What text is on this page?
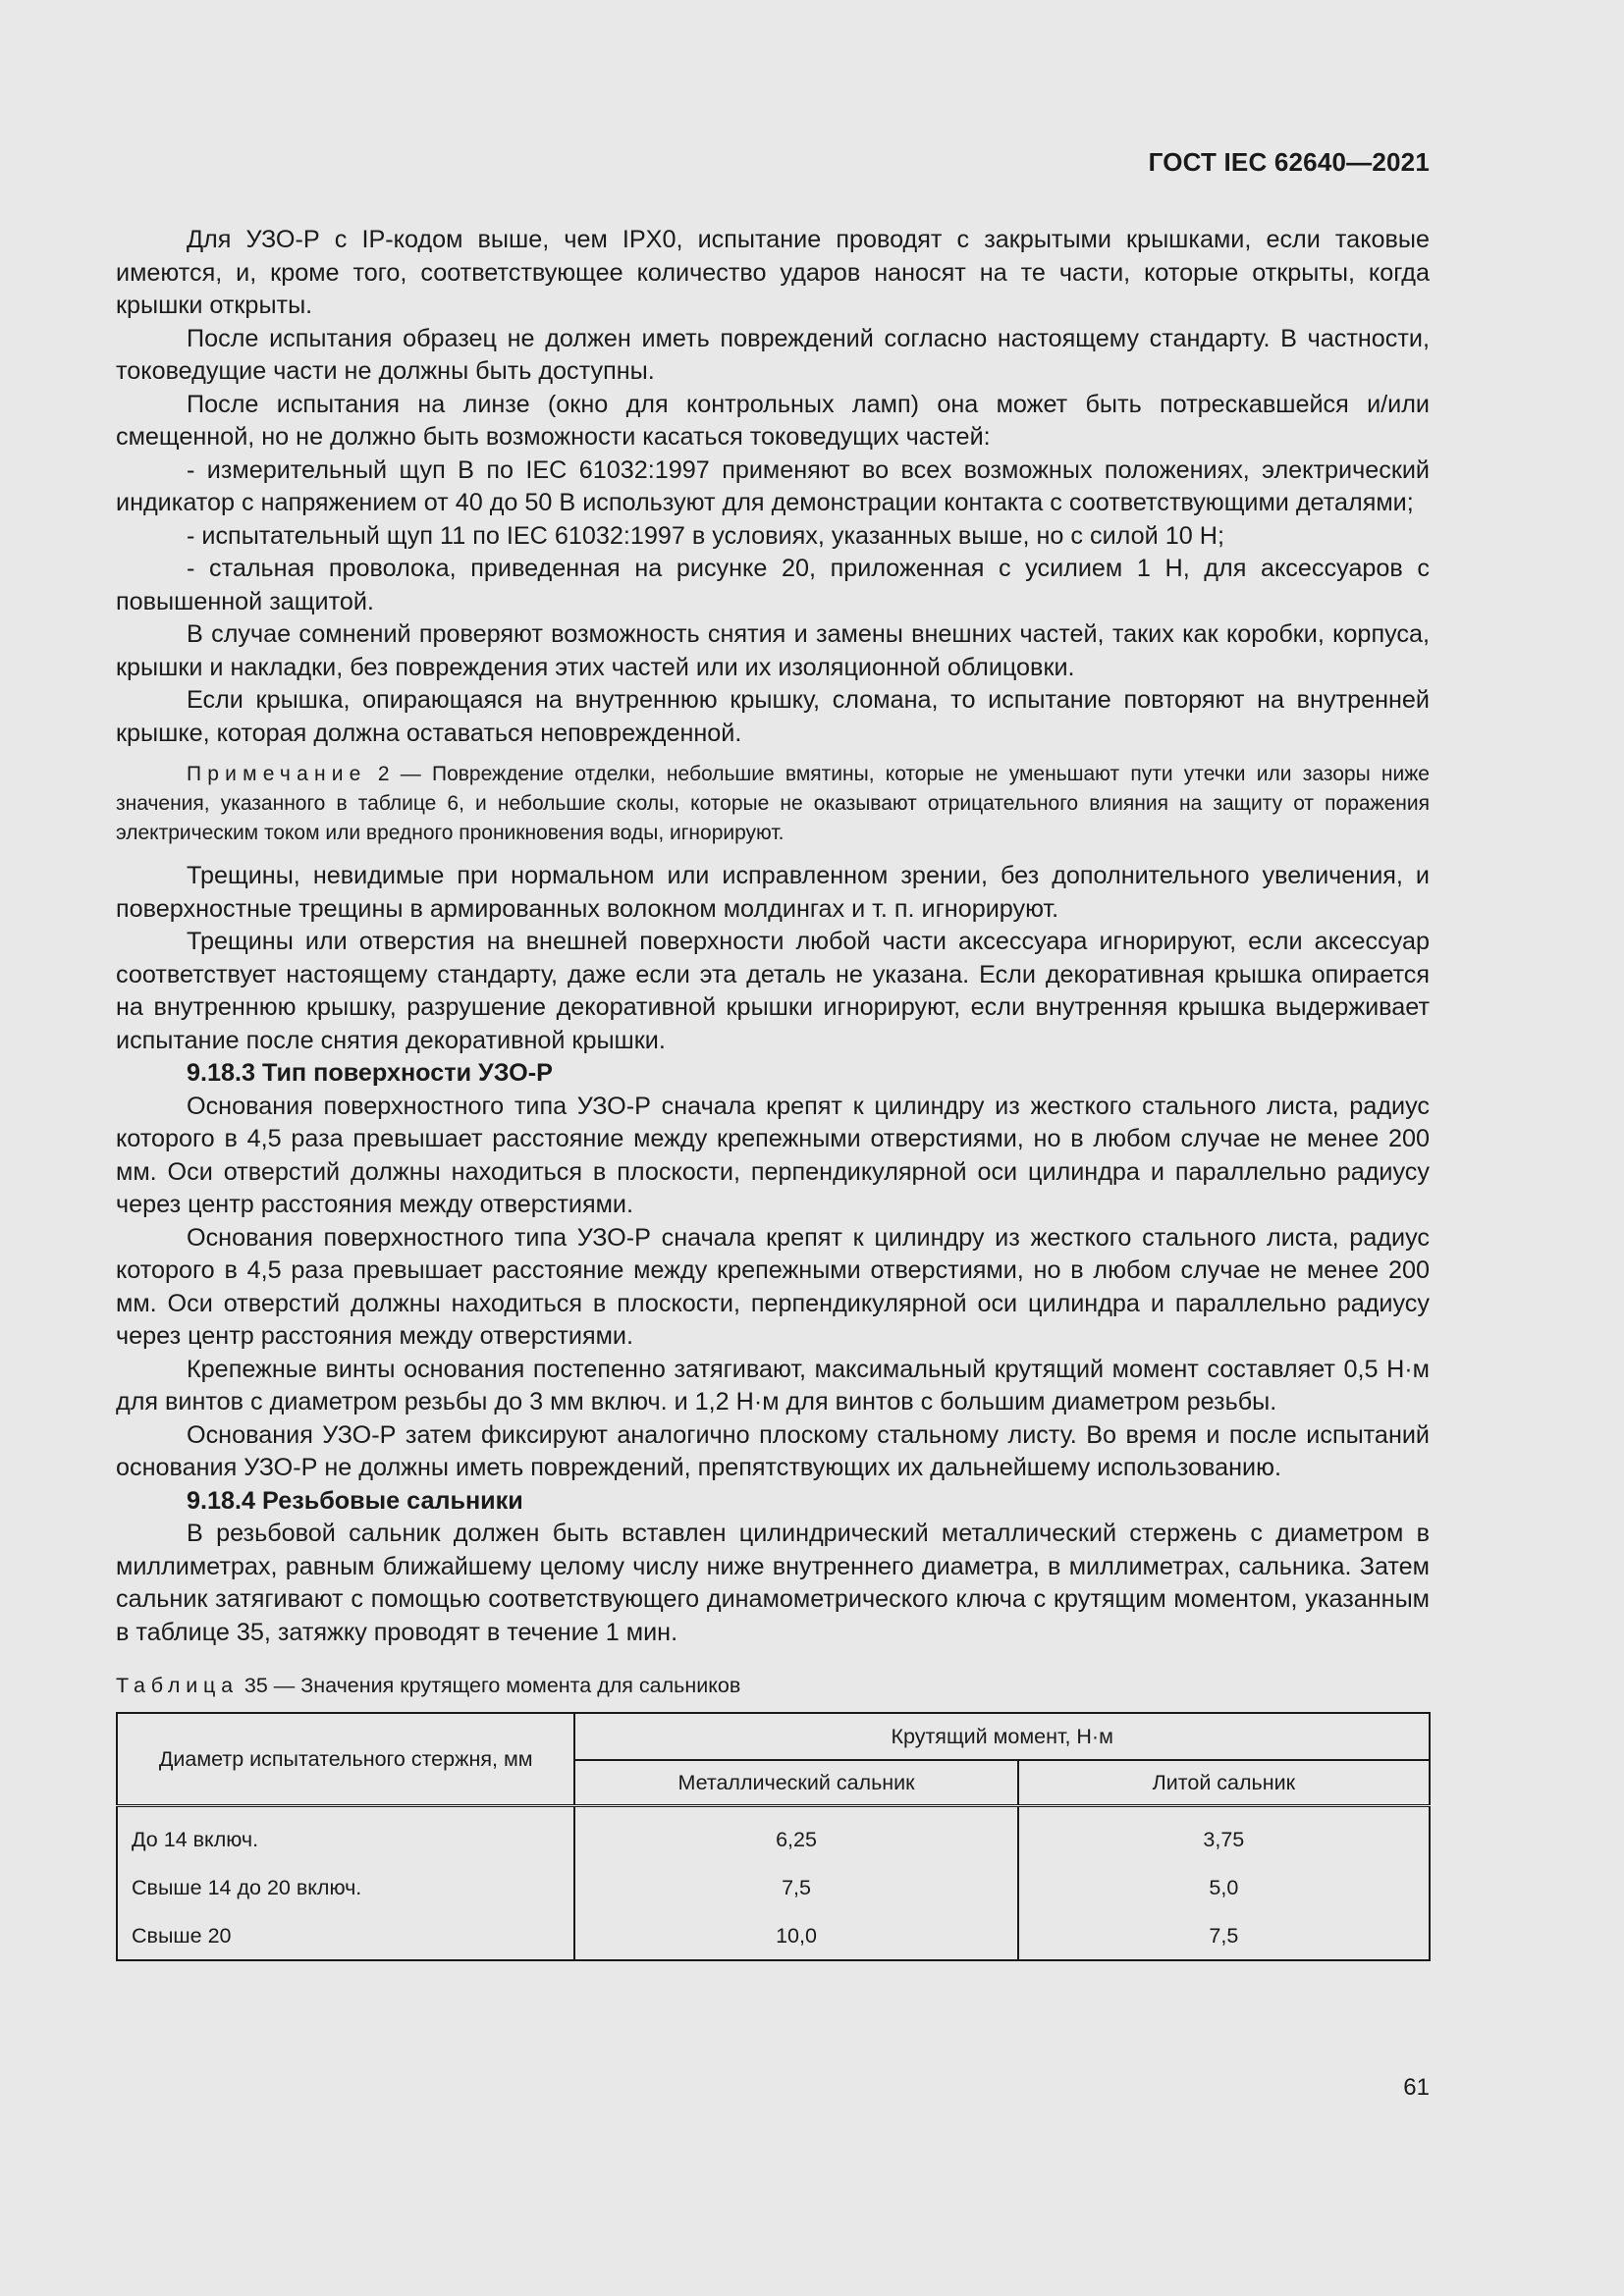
ГОСТ IEC 62640—2021

Для УЗО-Р с IP-кодом выше, чем IPX0, испытание проводят с закрытыми крышками, если таковые имеются, и, кроме того, соответствующее количество ударов наносят на те части, которые открыты, когда крышки открыты.

После испытания образец не должен иметь повреждений согласно настоящему стандарту. В частности, токоведущие части не должны быть доступны.

После испытания на линзе (окно для контрольных ламп) она может быть потрескавшейся и/или смещенной, но не должно быть возможности касаться токоведущих частей:

- измерительный щуп В по IEC 61032:1997 применяют во всех возможных положениях, электрический индикатор с напряжением от 40 до 50 В используют для демонстрации контакта с соответствующими деталями;

- испытательный щуп 11 по IEC 61032:1997 в условиях, указанных выше, но с силой 10 Н;

- стальная проволока, приведенная на рисунке 20, приложенная с усилием 1 Н, для аксессуаров с повышенной защитой.

В случае сомнений проверяют возможность снятия и замены внешних частей, таких как коробки, корпуса, крышки и накладки, без повреждения этих частей или их изоляционной облицовки.

Если крышка, опирающаяся на внутреннюю крышку, сломана, то испытание повторяют на внутренней крышке, которая должна оставаться неповрежденной.

Примечание 2 — Повреждение отделки, небольшие вмятины, которые не уменьшают пути утечки или зазоры ниже значения, указанного в таблице 6, и небольшие сколы, которые не оказывают отрицательного влияния на защиту от поражения электрическим током или вредного проникновения воды, игнорируют.

Трещины, невидимые при нормальном или исправленном зрении, без дополнительного увеличения, и поверхностные трещины в армированных волокном молдингах и т. п. игнорируют.

Трещины или отверстия на внешней поверхности любой части аксессуара игнорируют, если аксессуар соответствует настоящему стандарту, даже если эта деталь не указана. Если декоративная крышка опирается на внутреннюю крышку, разрушение декоративной крышки игнорируют, если внутренняя крышка выдерживает испытание после снятия декоративной крышки.

9.18.3 Тип поверхности УЗО-Р

Основания поверхностного типа УЗО-Р сначала крепят к цилиндру из жесткого стального листа, радиус которого в 4,5 раза превышает расстояние между крепежными отверстиями, но в любом случае не менее 200 мм. Оси отверстий должны находиться в плоскости, перпендикулярной оси цилиндра и параллельно радиусу через центр расстояния между отверстиями.

Основания поверхностного типа УЗО-Р сначала крепят к цилиндру из жесткого стального листа, радиус которого в 4,5 раза превышает расстояние между крепежными отверстиями, но в любом случае не менее 200 мм. Оси отверстий должны находиться в плоскости, перпендикулярной оси цилиндра и параллельно радиусу через центр расстояния между отверстиями.

Крепежные винты основания постепенно затягивают, максимальный крутящий момент составляет 0,5 Н·м для винтов с диаметром резьбы до 3 мм включ. и 1,2 Н·м для винтов с большим диаметром резьбы.

Основания УЗО-Р затем фиксируют аналогично плоскому стальному листу. Во время и после испытаний основания УЗО-Р не должны иметь повреждений, препятствующих их дальнейшему использованию.

9.18.4 Резьбовые сальники

В резьбовой сальник должен быть вставлен цилиндрический металлический стержень с диаметром в миллиметрах, равным ближайшему целому числу ниже внутреннего диаметра, в миллиметрах, сальника. Затем сальник затягивают с помощью соответствующего динамометрического ключа с крутящим моментом, указанным в таблице 35, затяжку проводят в течение 1 мин.

Таблица 35 — Значения крутящего момента для сальников

Диаметр испытательного стержня, мм	Крутящий момент, Н·м	
	Металлический сальник	Литой сальник
До 14 включ.	6,25	3,75
Свыше 14 до 20 включ.	7,5	5,0
Свыше 20	10,0	7,5
61
